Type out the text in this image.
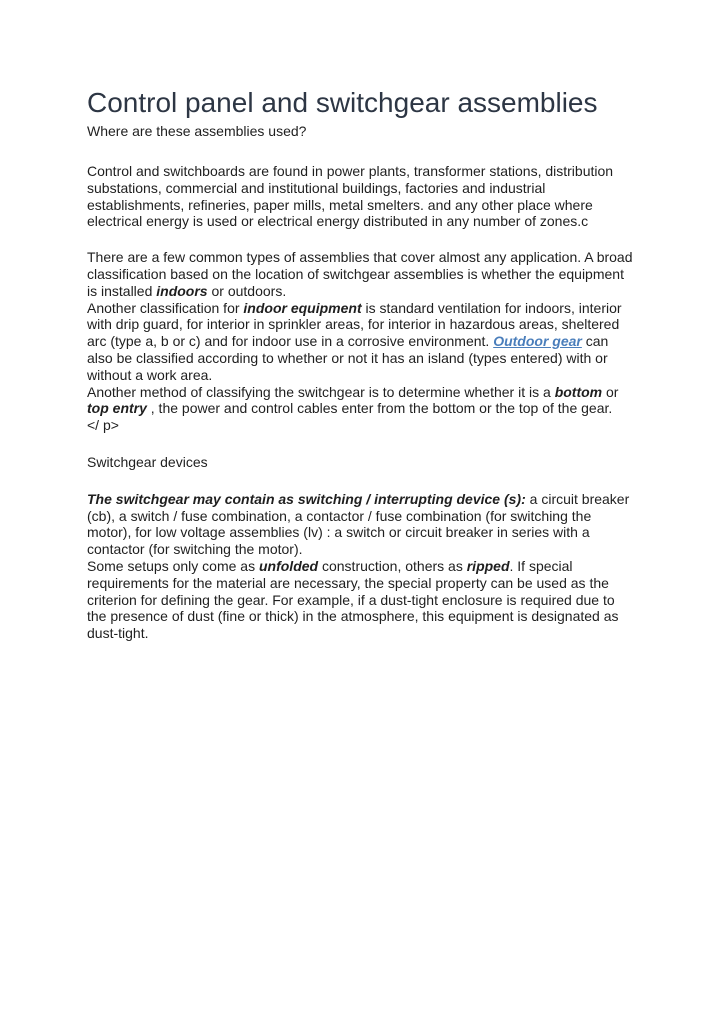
Control panel and switchgear assemblies
Where are these assemblies used?

Control and switchboards are found in power plants, transformer stations, distribution substations, commercial and institutional buildings, factories and industrial establishments, refineries, paper mills, metal smelters. and any other place where electrical energy is used or electrical energy distributed in any number of zones.c

There are a few common types of assemblies that cover almost any application. A broad classification based on the location of switchgear assemblies is whether the equipment is installed indoors or outdoors.
Another classification for indoor equipment is standard ventilation for indoors, interior with drip guard, for interior in sprinkler areas, for interior in hazardous areas, sheltered arc (type a, b or c) and for indoor use in a corrosive environment. Outdoor gear can also be classified according to whether or not it has an island (types entered) with or without a work area.
Another method of classifying the switchgear is to determine whether it is a bottom or top entry , the power and control cables enter from the bottom or the top of the gear.
</ p>

Switchgear devices

The switchgear may contain as switching / interrupting device (s): a circuit breaker (cb), a switch / fuse combination, a contactor / fuse combination (for switching the motor), for low voltage assemblies (lv) : a switch or circuit breaker in series with a contactor (for switching the motor).
Some setups only come as unfolded construction, others as ripped. If special requirements for the material are necessary, the special property can be used as the criterion for defining the gear. For example, if a dust-tight enclosure is required due to the presence of dust (fine or thick) in the atmosphere, this equipment is designated as dust-tight.
